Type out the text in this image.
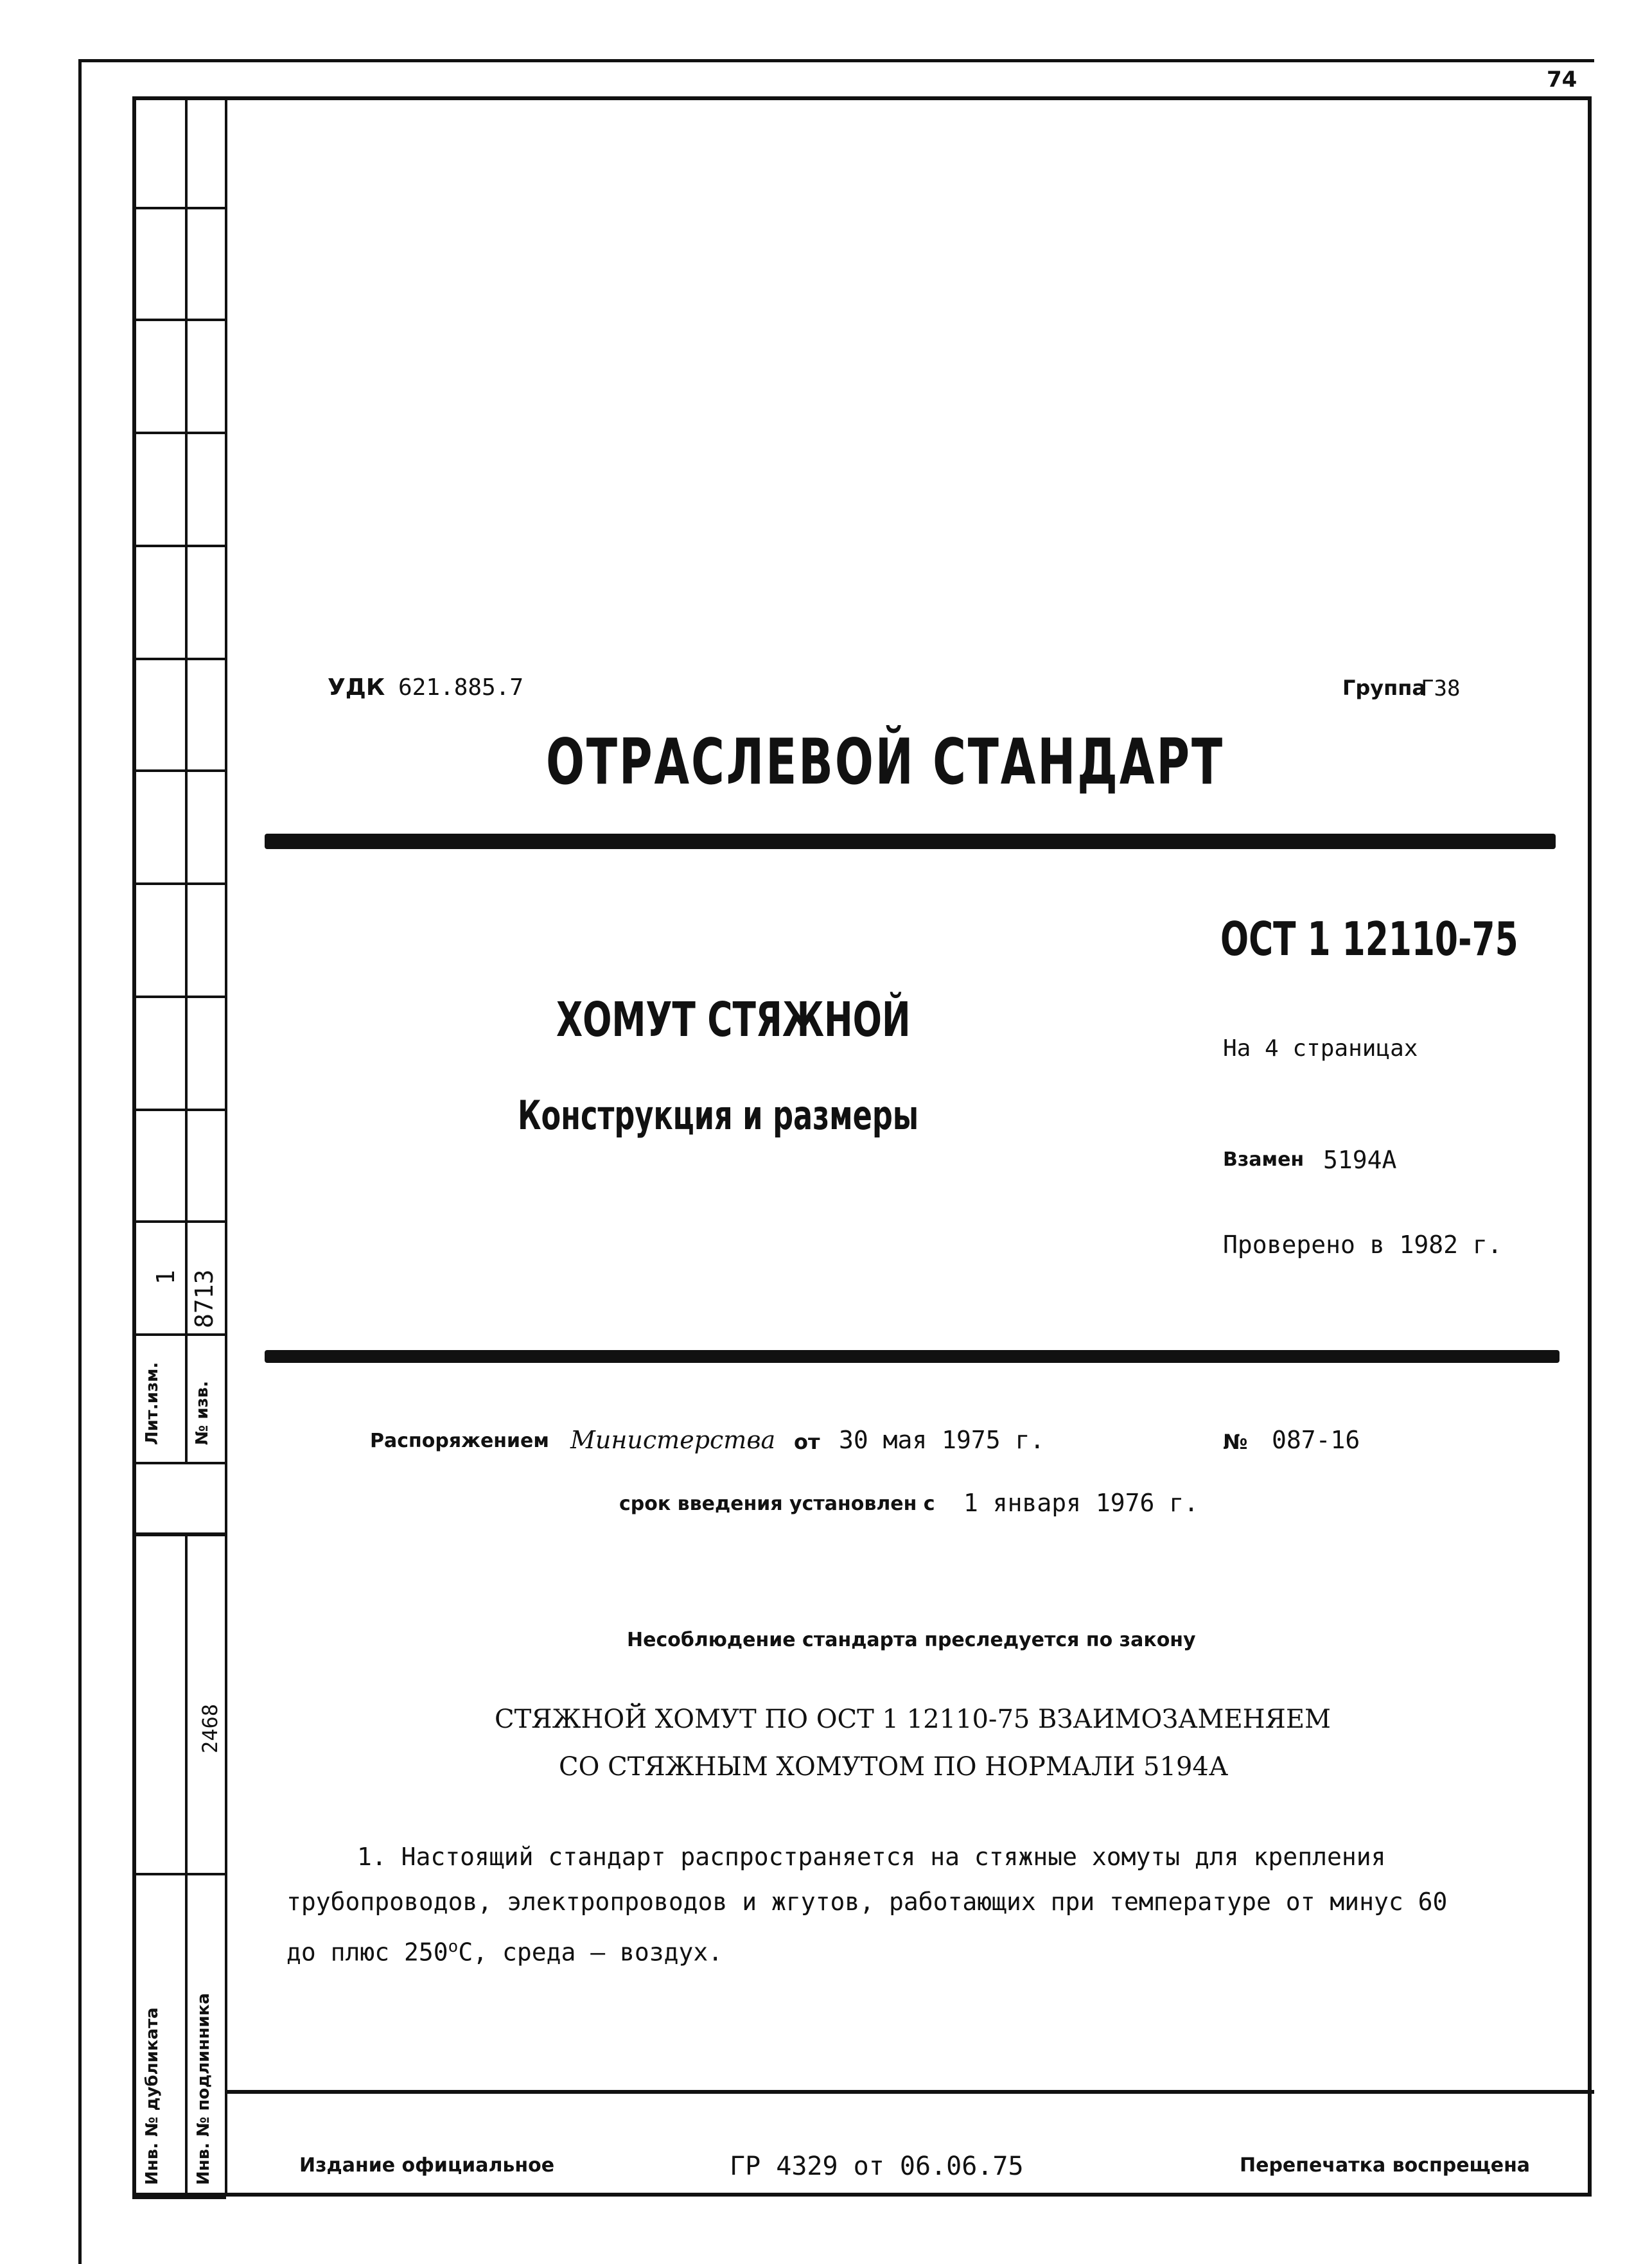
Лит.изм.
1
№ изв.
8713
2468
Инв. № дубликата Инв. № подлинника
74
УДК 621.885.7	Группа
Г38
ОТРАСЛЕВОЙ СТАНДАРТ
ОСТ 1 12110-75
ХОМУТ СТЯЖНОЙ
Конструкция и размеры
На 4 страницах
Взамен 5194А
Проверено в 1982 г.
Распоряжением Министерства от 30 мая 1975 г.	№ 087-16
срок введения установлен с 1 января 1976 г.
Несоблюдение стандарта преследуется по закону
СТЯЖНОЙ ХОМУТ ПО ОСТ 1 12110-75 ВЗАИМОЗАМЕНЯЕМ
СО СТЯЖНЫМ ХОМУТОМ ПО НОРМАЛИ 5194А

1. Настоящий стандарт распространяется на стяжные хомуты для крепления

трубопроводов, электропроводов и жгутов, работающих при температуре от минус 60

до плюс $250^оС$, среда – воздух.

Издание официальное	ГР 4329 от 06.06.75	Перепечатка воспрещена
